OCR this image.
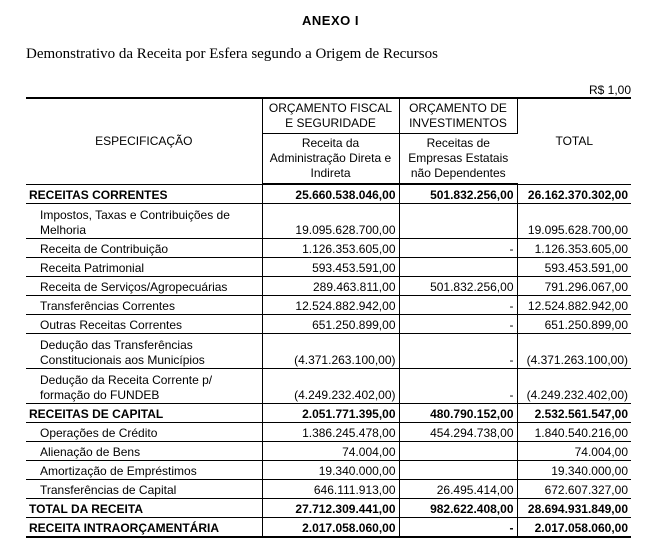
ANEXO I
Demonstrativo da Receita por Esfera segundo a Origem de Recursos
R$ 1,00
ESPECIFICAÇÃO	ORÇAMENTO FISCAL E SEGURIDADE	ORÇAMENTO DE INVESTIMENTOS	TOTAL
	Receita da Administração Direta e Indireta	Receitas de Empresas Estatais não Dependentes	
RECEITAS CORRENTES	25.660.538.046,00	501.832.256,00	26.162.370.302,00
Impostos, Taxas e Contribuições de Melhoria	19.095.628.700,00		19.095.628.700,00
Receita de Contribuição	1.126.353.605,00	-	1.126.353.605,00
Receita Patrimonial	593.453.591,00		593.453.591,00
Receita de Serviços/Agropecuárias	289.463.811,00	501.832.256,00	791.296.067,00
Transferências Correntes	12.524.882.942,00	-	12.524.882.942,00
Outras Receitas Correntes	651.250.899,00	-	651.250.899,00
Dedução das Transferências Constitucionais aos Municípios	(4.371.263.100,00)	-	(4.371.263.100,00)
Dedução da Receita Corrente p/ formação do FUNDEB	(4.249.232.402,00)	-	(4.249.232.402,00)
RECEITAS DE CAPITAL	2.051.771.395,00	480.790.152,00	2.532.561.547,00
Operações de Crédito	1.386.245.478,00	454.294.738,00	1.840.540.216,00
Alienação de Bens	74.004,00		74.004,00
Amortização de Empréstimos	19.340.000,00		19.340.000,00
Transferências de Capital	646.111.913,00	26.495.414,00	672.607.327,00
TOTAL DA RECEITA	27.712.309.441,00	982.622.408,00	28.694.931.849,00
RECEITA INTRAORÇAMENTÁRIA	2.017.058.060,00	-	2.017.058.060,00
